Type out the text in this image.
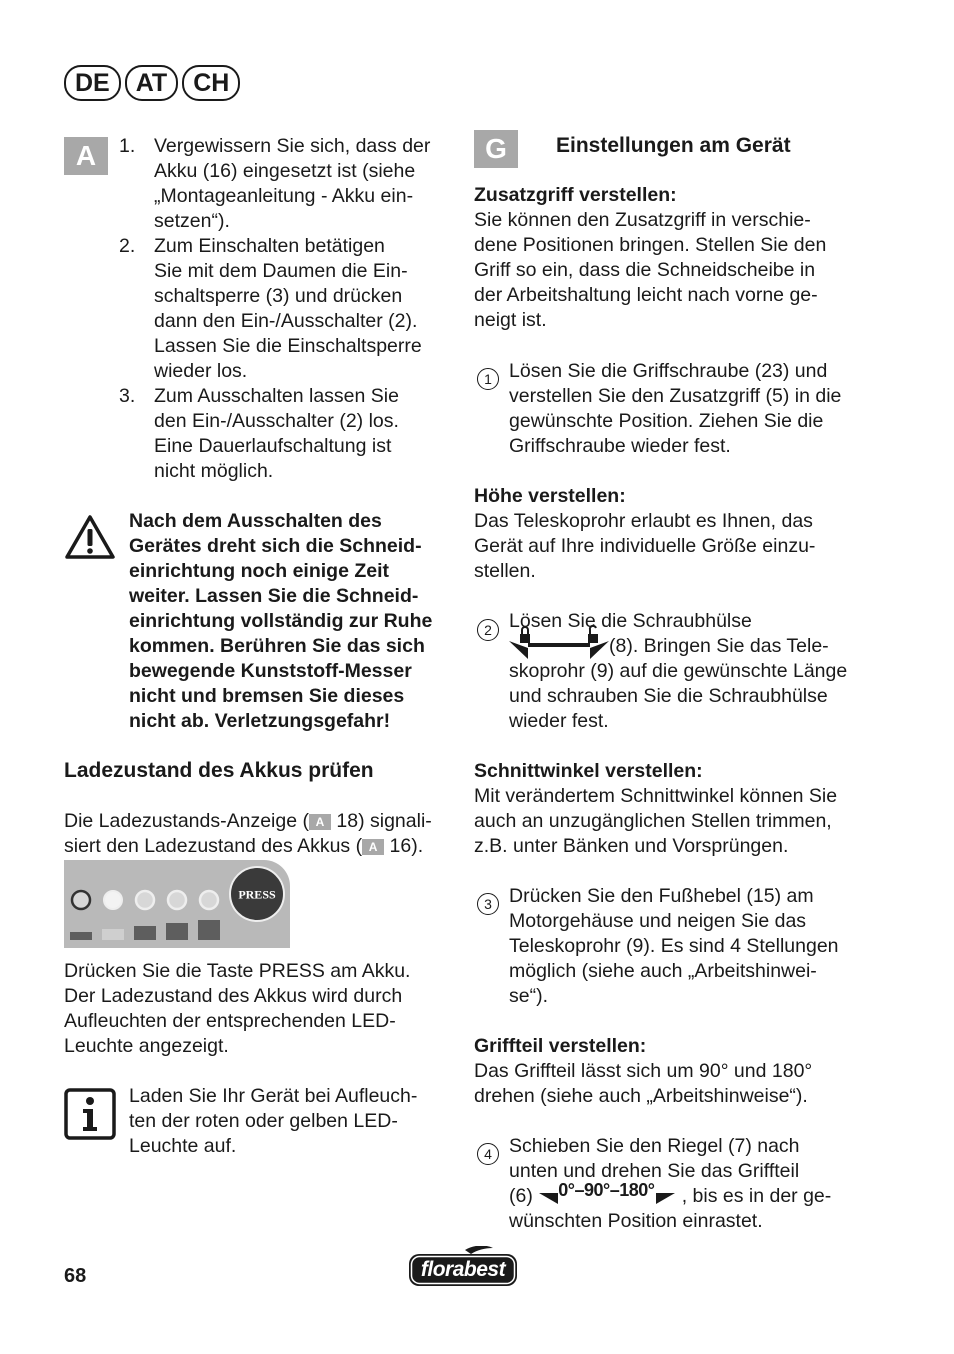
DE	AT	CH
A	1. Vergewissern Sie sich, dass der
Akku (16) eingesetzt ist (siehe
„Montageanleitung - Akku ein-
setzen“).
2. Zum Einschalten betätigen
Sie mit dem Daumen die Ein-
schaltsperre (3) und drücken
dann den Ein-/Ausschalter (2).
Lassen Sie die Einschaltsperre
wieder los.
3. Zum Ausschalten lassen Sie
den Ein-/Ausschalter (2) los.
Eine Dauerlaufschaltung ist
nicht möglich.
Nach dem Ausschalten des
Gerätes dreht sich die Schneid-
einrichtung noch einige Zeit
weiter. Lassen Sie die Schneid-
einrichtung vollständig zur Ruhe
kommen. Berühren Sie das sich
bewegende Kunststoff-Messer
nicht und bremsen Sie dieses
nicht ab. Verletzungsgefahr!
Ladezustand des Akkus prüfen
Die Ladezustands-Anzeige ( A 18) signali-
siert den Ladezustand des Akkus ( A 16).
PRESS
Drücken Sie die Taste PRESS am Akku.
Der Ladezustand des Akkus wird durch
Aufleuchten der entsprechenden LED-
Leuchte angezeigt.
Laden Sie Ihr Gerät bei Aufleuch-
ten der roten oder gelben LED-
Leuchte auf.
G	Einstellungen am Gerät
Zusatzgriff verstellen:
Sie können den Zusatzgriff in verschie-
dene Positionen bringen. Stellen Sie den
Griff so ein, dass die Schneidscheibe in
der Arbeitshaltung leicht nach vorne ge-
neigt ist.
1 Lösen Sie die Griffschraube (23) und
verstellen Sie den Zusatzgriff (5) in die
gewünschte Position. Ziehen Sie die
Griffschraube wieder fest.
Höhe verstellen:
Das Teleskoprohr erlaubt es Ihnen, das
Gerät auf Ihre individuelle Größe einzu-
stellen.
2 Lösen Sie die Schraubhülse
(8). Bringen Sie das Tele-
skoprohr (9) auf die gewünschte Länge
und schrauben Sie die Schraubhülse
wieder fest.
Schnittwinkel verstellen:
Mit verändertem Schnittwinkel können Sie
auch an unzugänglichen Stellen trimmen,
z.B. unter Bänken und Vorsprüngen.
3 Drücken Sie den Fußhebel (15) am
Motorgehäuse und neigen Sie das
Teleskoprohr (9). Es sind 4 Stellungen
möglich (siehe auch „Arbeitshinwei-
se“).
Griffteil verstellen:
Das Griffteil lässt sich um 90° und 180°
drehen (siehe auch „Arbeitshinweise“).
4 Schieben Sie den Riegel (7) nach
unten und drehen Sie das Griffteil
(6) 0°–90°–180° , bis es in der ge-
wünschten Position einrastet.
68	florabest
